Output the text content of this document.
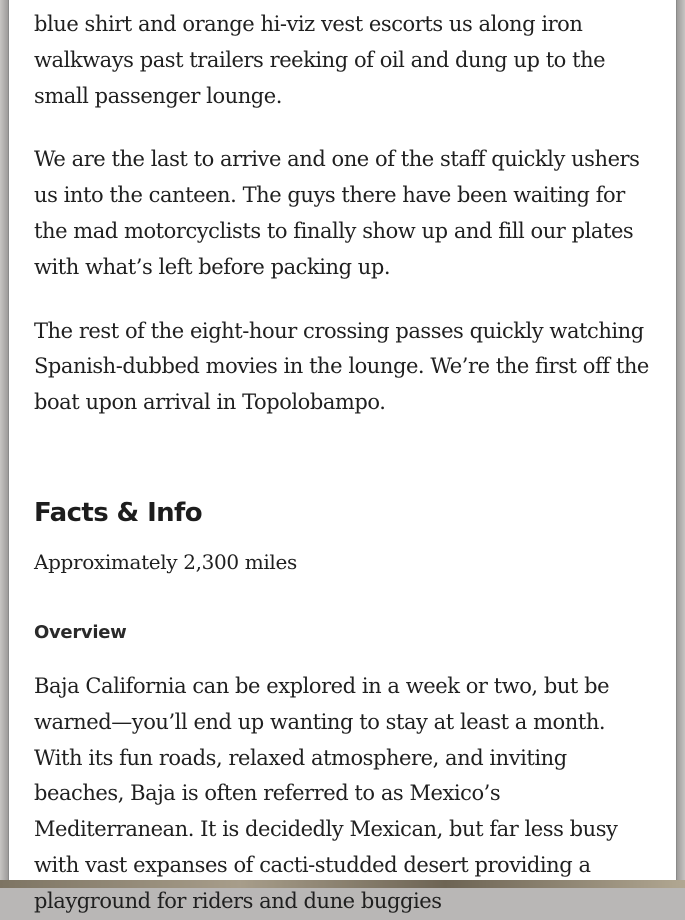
blue shirt and orange hi-viz vest escorts us along iron walkways past trailers reeking of oil and dung up to the small passenger lounge.

We are the last to arrive and one of the staff quickly ushers us into the canteen. The guys there have been waiting for the mad motorcyclists to finally show up and fill our plates with what’s left before packing up.

The rest of the eight-hour crossing passes quickly watching Spanish-dubbed movies in the lounge. We’re the first off the boat upon arrival in Topolobampo.

Facts & Info

Approximately 2,300 miles

Overview

Baja California can be explored in a week or two, but be warned—you’ll end up wanting to stay at least a month. With its fun roads, relaxed atmosphere, and inviting beaches, Baja is often referred to as Mexico’s Mediterranean. It is decidedly Mexican, but far less busy with vast expanses of cacti-studded desert providing a playground for riders and dune buggies
